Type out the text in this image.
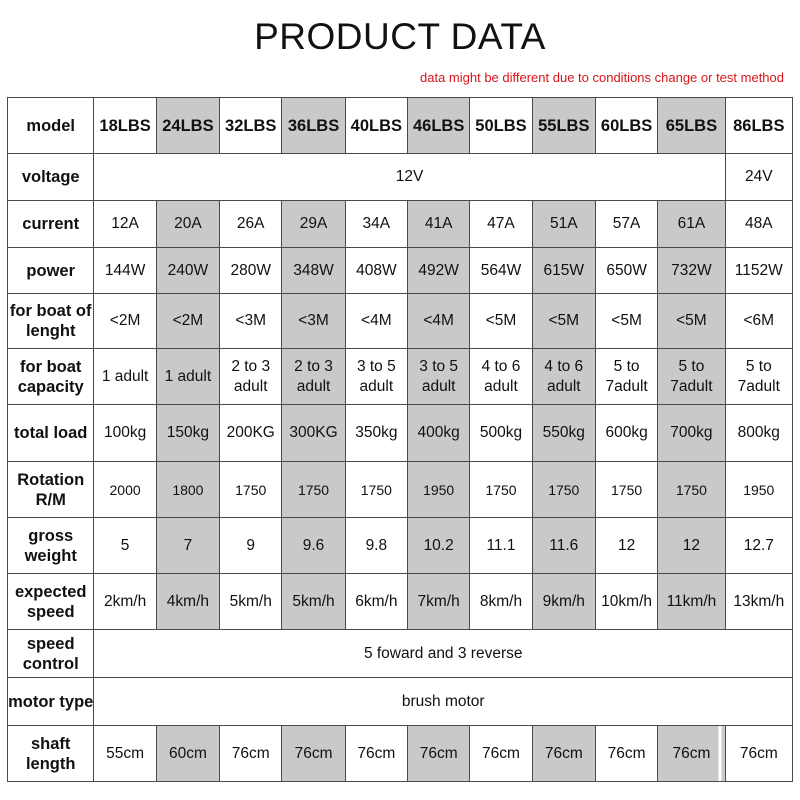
PRODUCT DATA
data might be different due to conditions change or test method
model	18LBS	24LBS	32LBS	36LBS	40LBS	46LBS	50LBS	55LBS	60LBS	65LBS	86LBS
voltage	12V										24V
current	12A	20A	26A	29A	34A	41A	47A	51A	57A	61A	48A
power	144W	240W	280W	348W	408W	492W	564W	615W	650W	732W	1152W
for boat of lenght	<2M	<2M	<3M	<3M	<4M	<4M	<5M	<5M	<5M	<5M	<6M
for boat capacity	1 adult	1 adult	2 to 3 adult	2 to 3 adult	3 to 5 adult	3 to 5 adult	4 to 6 adult	4 to 6 adult	5 to 7adult	5 to 7adult	5 to 7adult
total load	100kg	150kg	200KG	300KG	350kg	400kg	500kg	550kg	600kg	700kg	800kg
Rotation R/M	2000	1800	1750	1750	1750	1950	1750	1750	1750	1750	1950
gross weight	5	7	9	9.6	9.8	10.2	11.1	11.6	12	12	12.7
expected speed	2km/h	4km/h	5km/h	5km/h	6km/h	7km/h	8km/h	9km/h	10km/h	11km/h	13km/h
speed control	5 foward and 3 reverse										
motor type	brush motor										
shaft length	55cm	60cm	76cm	76cm	76cm	76cm	76cm	76cm	76cm	76cm	76cm
